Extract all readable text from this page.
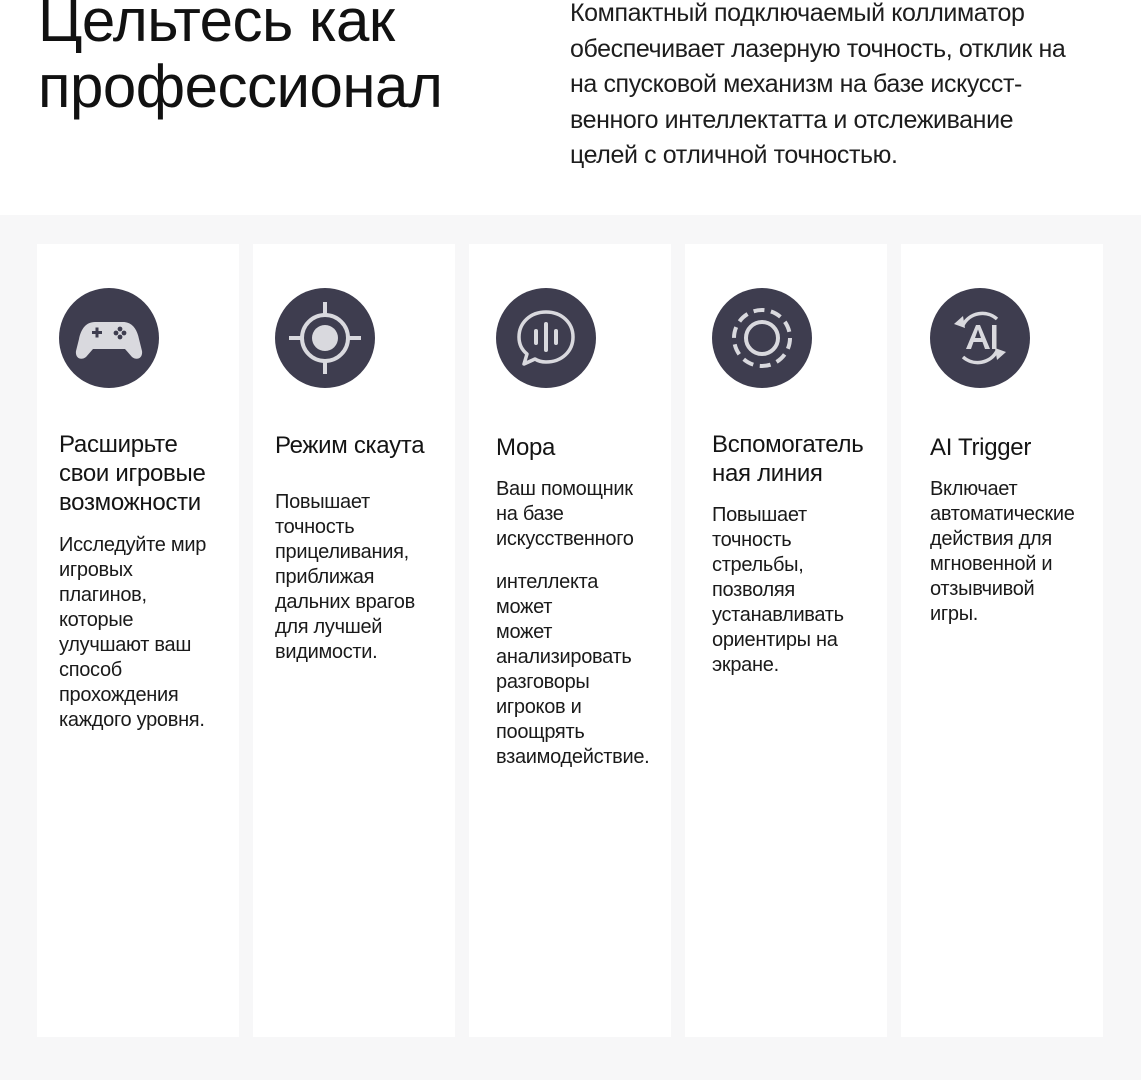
Цельтесь как
профессионал

Компактный подключаемый коллиматор
обеспечивает лазерную точность, отклик на
на спусковой механизм на базе искусст-
венного интеллектатта и отслеживание
целей с отличной точностью.

Расширьте
свои игровые
возможности

Исследуйте мир
игровых
плагинов,
которые
улучшают ваш
способ
прохождения
каждого уровня.

Режим скаута

Повышает
точность
прицеливания,
приближая
дальних врагов
для лучшей
видимости.

Мора

Ваш помощник
на базе
искусственного
интеллекта
может
может
анализировать
разговоры
игроков и
поощрять
взаимодействие.

Вспомогатель
ная линия

Повышает
точность
стрельбы,
позволяя
устанавливать
ориентиры на
экране.

AI Trigger

Включает
автоматические
действия для
мгновенной и
отзывчивой
игры.
